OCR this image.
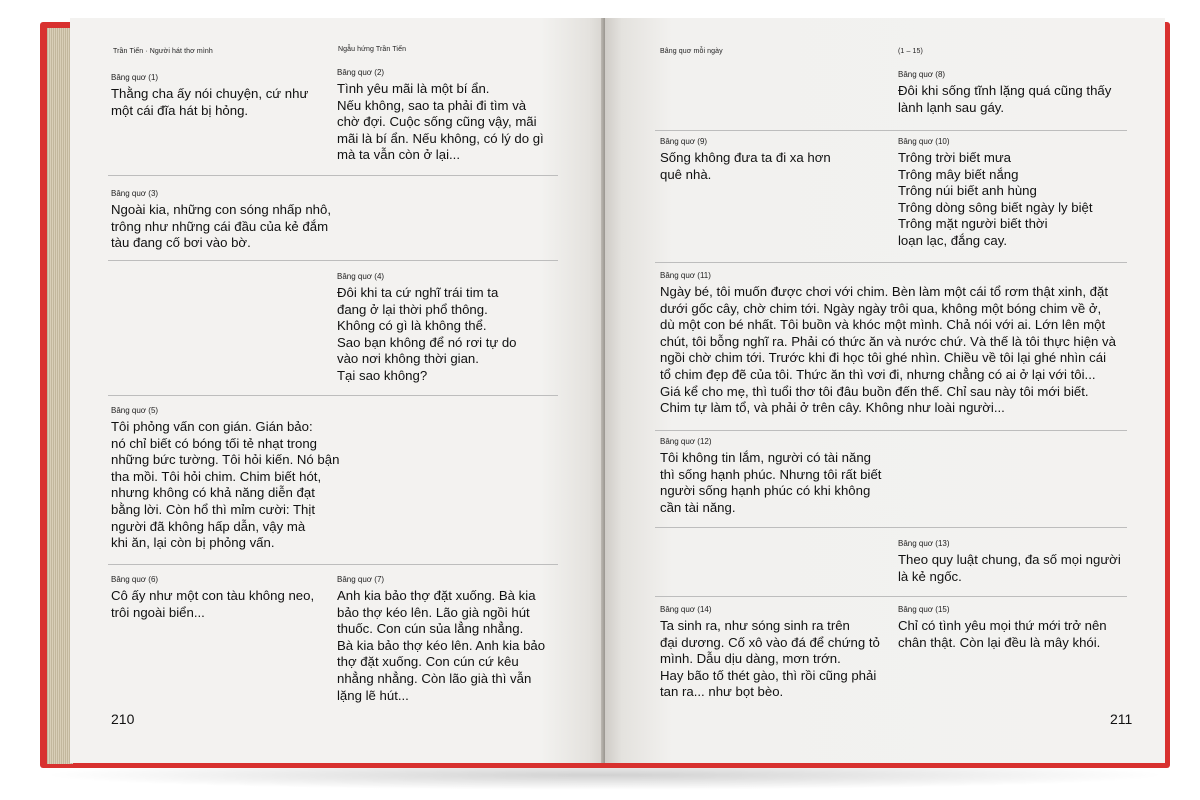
Trần Tiến · Người hát thơ mình	Ngẫu hứng Trần Tiến
Bâng quơ (1)
Thằng cha ấy nói chuyện, cứ như
một cái đĩa hát bị hỏng.
Bâng quơ (2)
Tình yêu mãi là một bí ẩn.
Nếu không, sao ta phải đi tìm và
chờ đợi. Cuộc sống cũng vậy, mãi
mãi là bí ẩn. Nếu không, có lý do gì
mà ta vẫn còn ở lại...
Bâng quơ (3)
Ngoài kia, những con sóng nhấp nhô,
trông như những cái đầu của kẻ đắm
tàu đang cố bơi vào bờ.
Bâng quơ (4)
Đôi khi ta cứ nghĩ trái tim ta
đang ở lại thời phổ thông.
Không có gì là không thể.
Sao bạn không để nó rơi tự do
vào nơi không thời gian.
Tại sao không?
Bâng quơ (5)
Tôi phỏng vấn con gián. Gián bảo:
nó chỉ biết có bóng tối tẻ nhạt trong
những bức tường. Tôi hỏi kiến. Nó bận
tha mồi. Tôi hỏi chim. Chim biết hót,
nhưng không có khả năng diễn đạt
bằng lời. Còn hổ thì mỉm cười: Thịt
người đã không hấp dẫn, vậy mà
khi ăn, lại còn bị phỏng vấn.
Bâng quơ (6)
Cô ấy như một con tàu không neo,
trôi ngoài biển...
Bâng quơ (7)
Anh kia bảo thợ đặt xuống. Bà kia
bảo thợ kéo lên. Lão già ngồi hút
thuốc. Con cún sủa lẳng nhẳng.
Bà kia bảo thợ kéo lên. Anh kia bảo
thợ đặt xuống. Con cún cứ kêu
nhẳng nhẳng. Còn lão già thì vẫn
lặng lẽ hút...
210
Bâng quơ mỗi ngày	(1 – 15)
Bâng quơ (8)
Đôi khi sống tĩnh lặng quá cũng thấy
lành lạnh sau gáy.
Bâng quơ (9)
Sống không đưa ta đi xa hơn
quê nhà.
Bâng quơ (10)
Trông trời biết mưa
Trông mây biết nắng
Trông núi biết anh hùng
Trông dòng sông biết ngày ly biệt
Trông mặt người biết thời
loạn lạc, đắng cay.
Bâng quơ (11)
Ngày bé, tôi muốn được chơi với chim. Bèn làm một cái tổ rơm thật xinh, đặt
dưới gốc cây, chờ chim tới. Ngày ngày trôi qua, không một bóng chim về ở,
dù một con bé nhất. Tôi buồn và khóc một mình. Chả nói với ai. Lớn lên một
chút, tôi bỗng nghĩ ra. Phải có thức ăn và nước chứ. Và thế là tôi thực hiện và
ngồi chờ chim tới. Trước khi đi học tôi ghé nhìn. Chiều về tôi lại ghé nhìn cái
tổ chim đẹp đẽ của tôi. Thức ăn thì vơi đi, nhưng chẳng có ai ở lại với tôi...
Giá kể cho mẹ, thì tuổi thơ tôi đâu buồn đến thế. Chỉ sau này tôi mới biết.
Chim tự làm tổ, và phải ở trên cây. Không như loài người...
Bâng quơ (12)
Tôi không tin lắm, người có tài năng
thì sống hạnh phúc. Nhưng tôi rất biết
người sống hạnh phúc có khi không
cần tài năng.
Bâng quơ (13)
Theo quy luật chung, đa số mọi người
là kẻ ngốc.
Bâng quơ (14)
Ta sinh ra, như sóng sinh ra trên
đại dương. Cố xô vào đá để chứng tỏ
mình. Dẫu dịu dàng, mơn trớn.
Hay bão tố thét gào, thì rồi cũng phải
tan ra... như bọt bèo.
Bâng quơ (15)
Chỉ có tình yêu mọi thứ mới trở nên
chân thật. Còn lại đều là mây khói.
211
